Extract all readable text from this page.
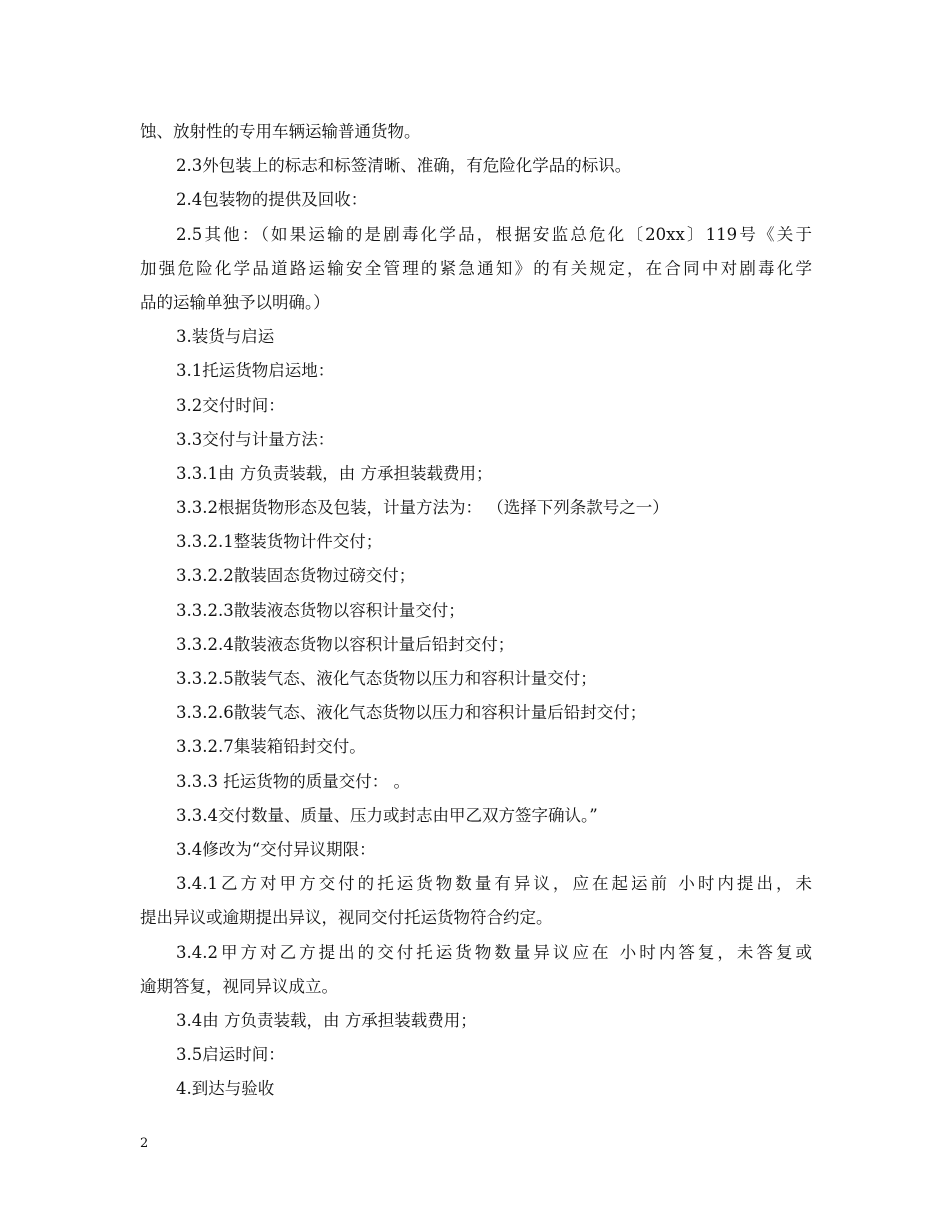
蚀、放射性的专用车辆运输普通货物。
2.3外包装上的标志和标签清晰、准确，有危险化学品的标识。
2.4包装物的提供及回收：
2.5其他：（如果运输的是剧毒化学品，根据安监总危化〔20xx〕119号《关于
加强危险化学品道路运输安全管理的紧急通知》的有关规定，在合同中对剧毒化学
品的运输单独予以明确。）
3.装货与启运
3.1托运货物启运地：
3.2交付时间：
3.3交付与计量方法：
3.3.1由 方负责装载，由 方承担装载费用；
3.3.2根据货物形态及包装，计量方法为： （选择下列条款号之一）
3.3.2.1整装货物计件交付；
3.3.2.2散装固态货物过磅交付；
3.3.2.3散装液态货物以容积计量交付；
3.3.2.4散装液态货物以容积计量后铅封交付；
3.3.2.5散装气态、液化气态货物以压力和容积计量交付；
3.3.2.6散装气态、液化气态货物以压力和容积计量后铅封交付；
3.3.2.7集装箱铅封交付。
3.3.3 托运货物的质量交付： 。
3.3.4交付数量、质量、压力或封志由甲乙双方签字确认。”
3.4修改为“交付异议期限：
3.4.1乙方对甲方交付的托运货物数量有异议，应在起运前 小时内提出，未
提出异议或逾期提出异议，视同交付托运货物符合约定。
3.4.2甲方对乙方提出的交付托运货物数量异议应在 小时内答复，未答复或
逾期答复，视同异议成立。
3.4由 方负责装载，由 方承担装载费用；
3.5启运时间：
4.到达与验收
2
